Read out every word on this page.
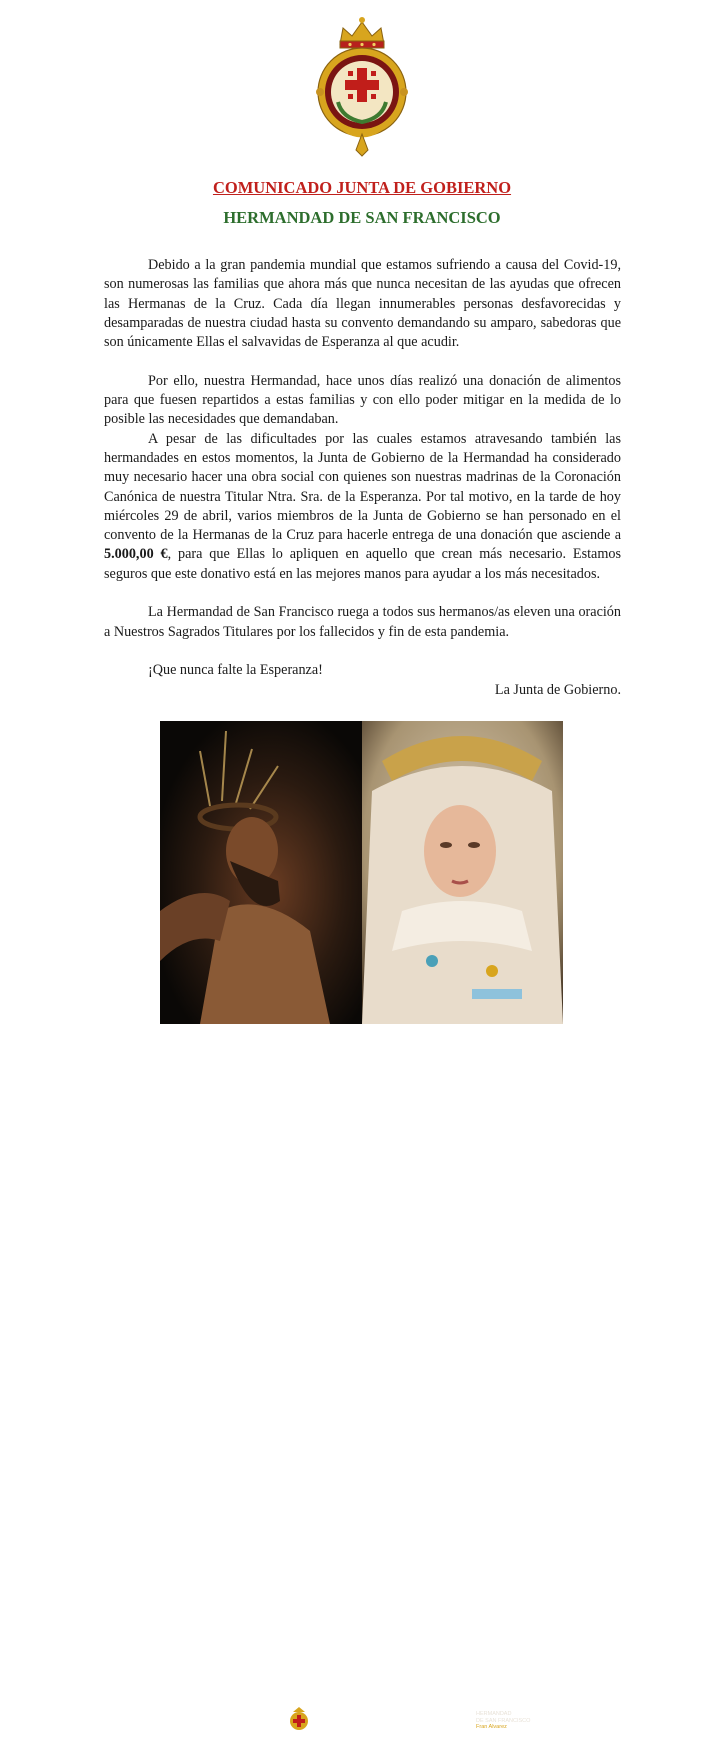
COMUNICADO JUNTA DE GOBIERNO
HERMANDAD DE SAN FRANCISCO

Debido a la gran pandemia mundial que estamos sufriendo a causa del Covid-19, son numerosas las familias que ahora más que nunca necesitan de las ayudas que ofrecen las Hermanas de la Cruz. Cada día llegan innumerables personas desfavorecidas y desamparadas de nuestra ciudad hasta su convento demandando su amparo, sabedoras que son únicamente Ellas el salvavidas de Esperanza al que acudir.

Por ello, nuestra Hermandad, hace unos días realizó una donación de alimentos para que fuesen repartidos a estas familias y con ello poder mitigar en la medida de lo posible las necesidades que demandaban.

A pesar de las dificultades por las cuales estamos atravesando también las hermandades en estos momentos, la Junta de Gobierno de la Hermandad ha considerado muy necesario hacer una obra social con quienes son nuestras madrinas de la Coronación Canónica de nuestra Titular Ntra. Sra. de la Esperanza. Por tal motivo, en la tarde de hoy miércoles 29 de abril, varios miembros de la Junta de Gobierno se han personado en el convento de la Hermanas de la Cruz para hacerle entrega de una donación que asciende a 5.000,00 €, para que Ellas lo apliquen en aquello que crean más necesario. Estamos seguros que este donativo está en las mejores manos para ayudar a los más necesitados.

La Hermandad de San Francisco ruega a todos sus hermanos/as eleven una oración a Nuestros Sagrados Titulares por los fallecidos y fin de esta pandemia.

¡Que nunca falte la Esperanza!

La Junta de Gobierno.

HERMANDAD
DE SAN FRANCISCO
Fran Alvarez	Jesús Herrera
